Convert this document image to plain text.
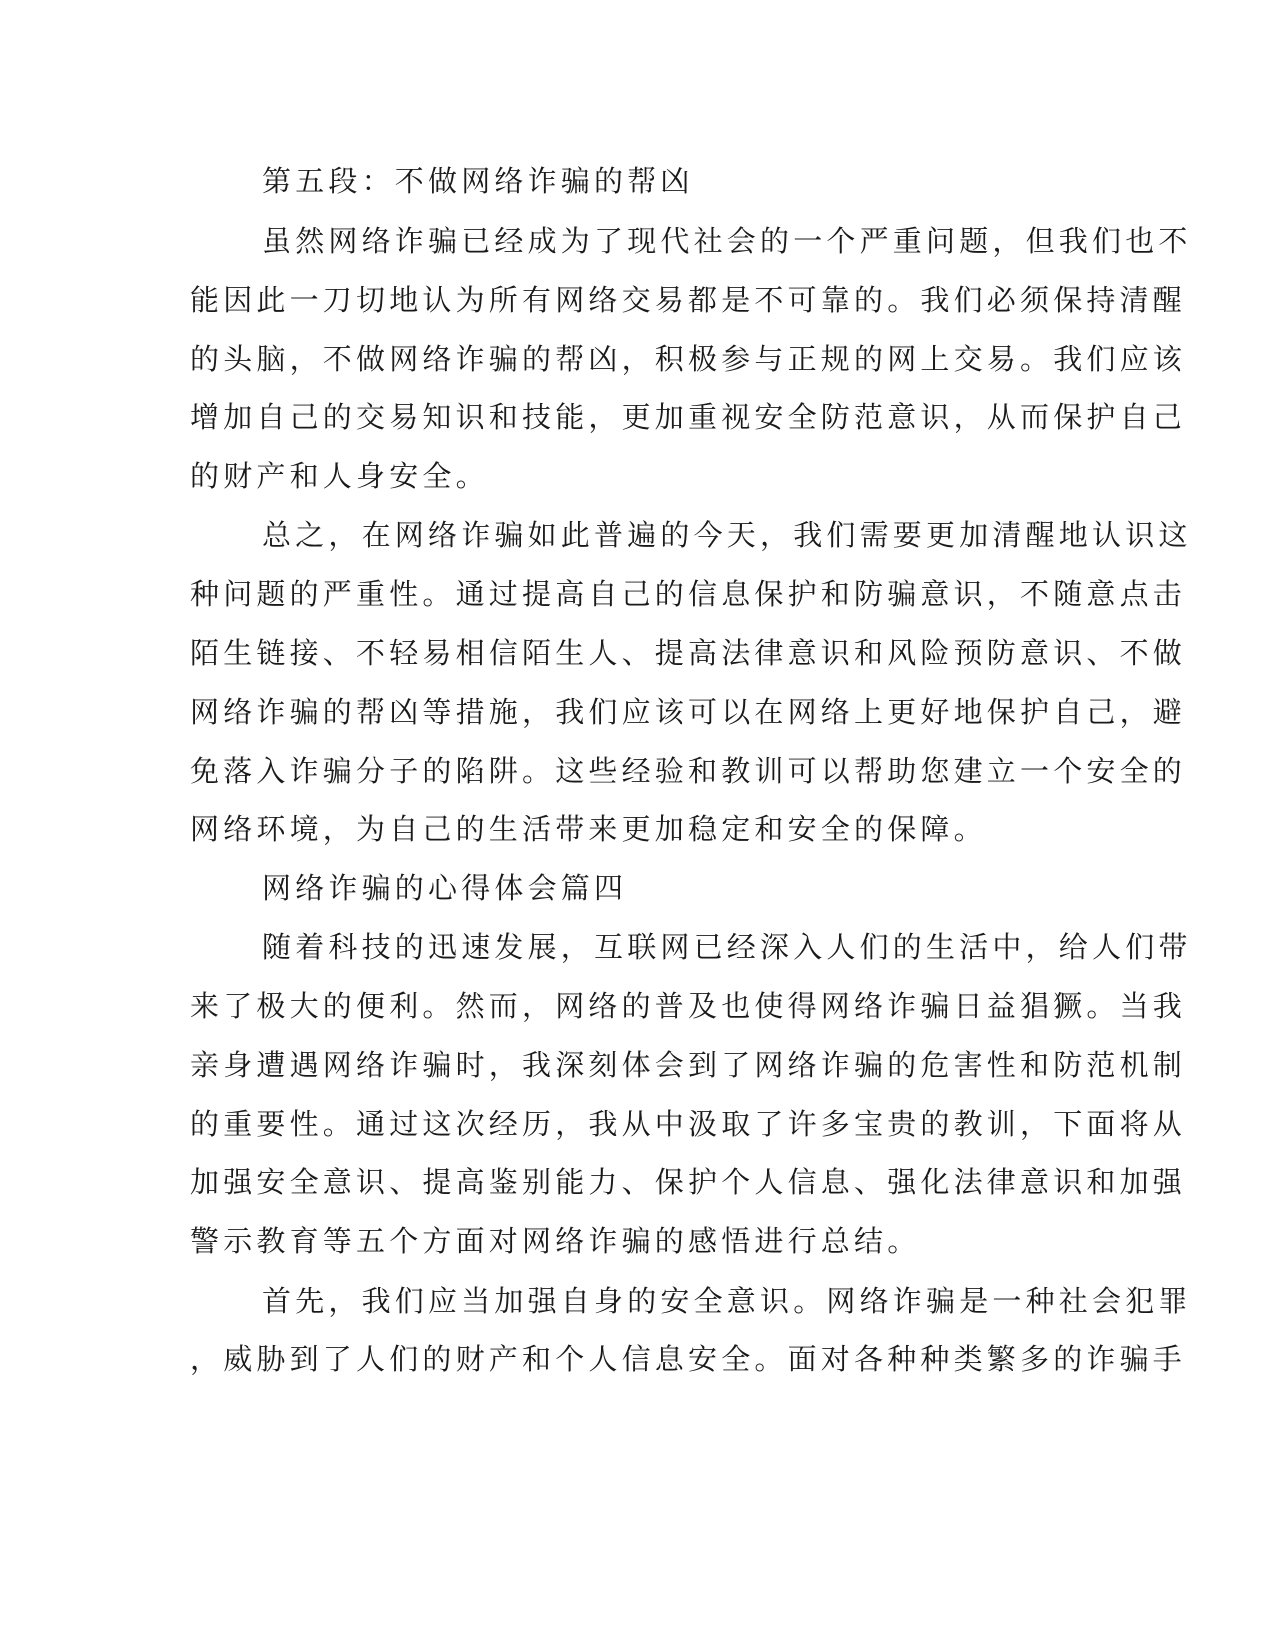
第五段：不做网络诈骗的帮凶
虽然网络诈骗已经成为了现代社会的一个严重问题，但我们也不
能因此一刀切地认为所有网络交易都是不可靠的。我们必须保持清醒
的头脑，不做网络诈骗的帮凶，积极参与正规的网上交易。我们应该
增加自己的交易知识和技能，更加重视安全防范意识，从而保护自己
的财产和人身安全。
总之，在网络诈骗如此普遍的今天，我们需要更加清醒地认识这
种问题的严重性。通过提高自己的信息保护和防骗意识，不随意点击
陌生链接、不轻易相信陌生人、提高法律意识和风险预防意识、不做
网络诈骗的帮凶等措施，我们应该可以在网络上更好地保护自己，避
免落入诈骗分子的陷阱。这些经验和教训可以帮助您建立一个安全的
网络环境，为自己的生活带来更加稳定和安全的保障。
网络诈骗的心得体会篇四
随着科技的迅速发展，互联网已经深入人们的生活中，给人们带
来了极大的便利。然而，网络的普及也使得网络诈骗日益猖獗。当我
亲身遭遇网络诈骗时，我深刻体会到了网络诈骗的危害性和防范机制
的重要性。通过这次经历，我从中汲取了许多宝贵的教训，下面将从
加强安全意识、提高鉴别能力、保护个人信息、强化法律意识和加强
警示教育等五个方面对网络诈骗的感悟进行总结。
首先，我们应当加强自身的安全意识。网络诈骗是一种社会犯罪
，威胁到了人们的财产和个人信息安全。面对各种种类繁多的诈骗手
